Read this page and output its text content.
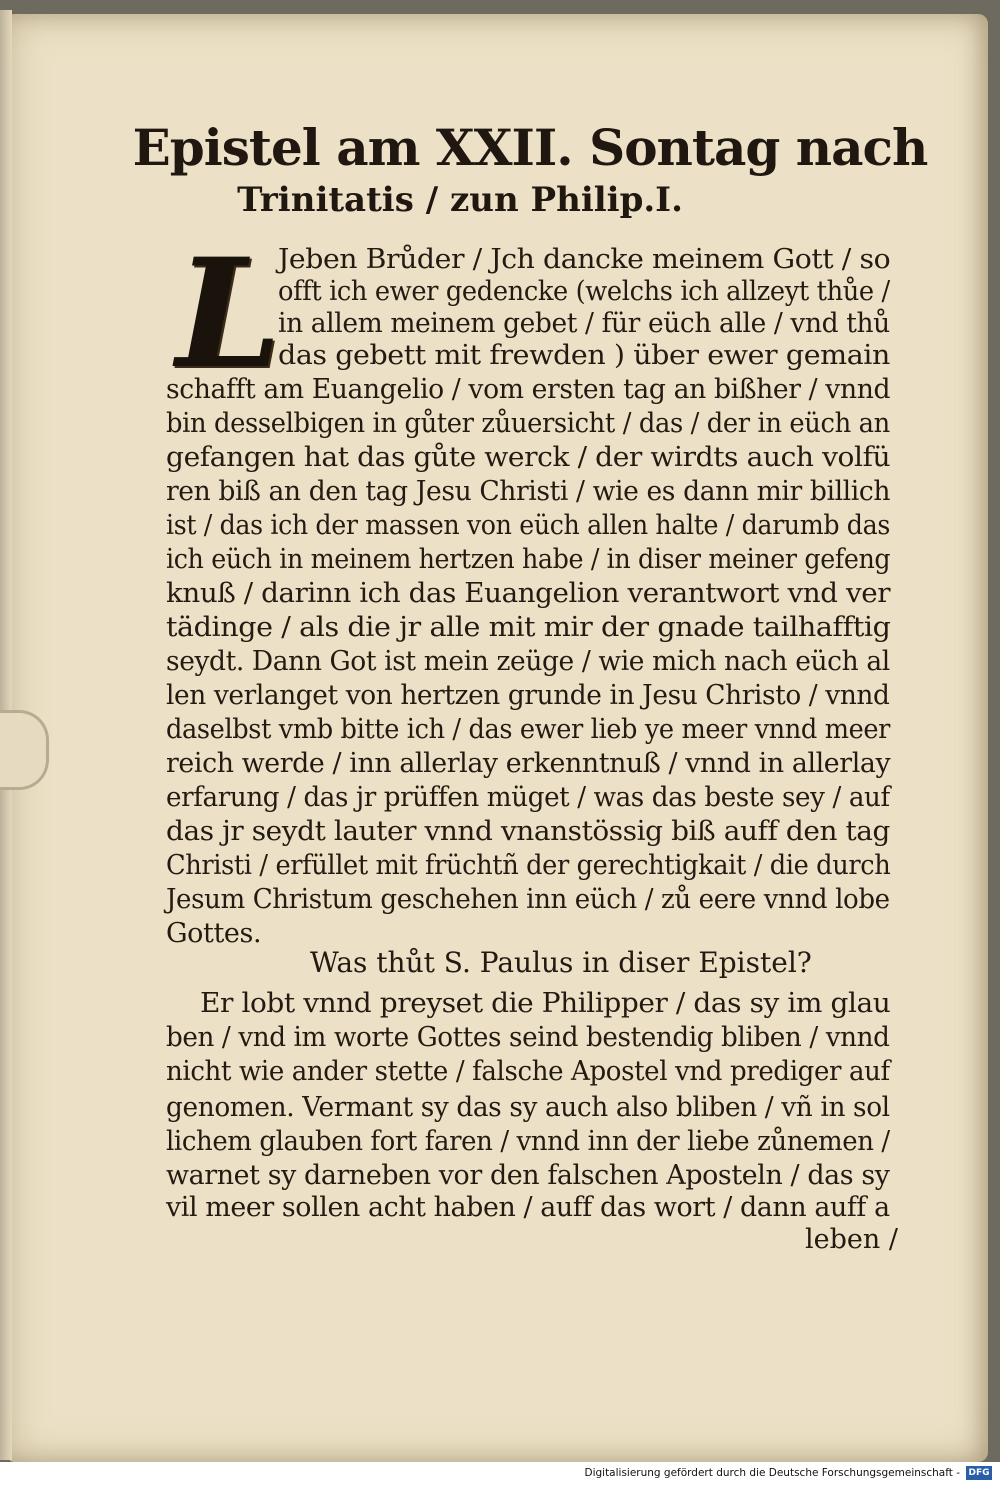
Epistel am XXII. Sontag nach
Trinitatis / zun Philip.I.
L
Jeben Brůder / Jch dancke meinem Gott / so
offt ich ewer gedencke (welchs ich allzeyt thůe /
in allem meinem gebet / für eüch alle / vnd thů
das gebett mit frewden ) über ewer gemain
schafft am Euangelio / vom ersten tag an bißher / vnnd
bin desselbigen in gůter zůuersicht / das / der in eüch an
gefangen hat das gůte werck / der wirdts auch volfü
ren biß an den tag Jesu Christi / wie es dann mir billich
ist / das ich der massen von eüch allen halte / darumb das
ich eüch in meinem hertzen habe / in diser meiner gefeng
knuß / darinn ich das Euangelion verantwort vnd ver
tädinge / als die jr alle mit mir der gnade tailhafftig
seydt. Dann Got ist mein zeüge / wie mich nach eüch al
len verlanget von hertzen grunde in Jesu Christo / vnnd
daselbst vmb bitte ich / das ewer lieb ye meer vnnd meer
reich werde / inn allerlay erkenntnuß / vnnd in allerlay
erfarung / das jr prüffen müget / was das beste sey / auf
das jr seydt lauter vnnd vnanstössig biß auff den tag
Christi / erfüllet mit früchtñ der gerechtigkait / die durch
Jesum Christum geschehen inn eüch / zů eere vnnd lobe
Gottes.
Was thůt S. Paulus in diser Epistel?
Er lobt vnnd preyset die Philipper / das sy im glau
ben / vnd im worte Gottes seind bestendig bliben / vnnd
nicht wie ander stette / falsche Apostel vnd prediger auf
genomen. Vermant sy das sy auch also bliben / vñ in sol
lichem glauben fort faren / vnnd inn der liebe zůnemen /
warnet sy darneben vor den falschen Aposteln / das sy
vil meer sollen acht haben / auff das wort / dann auff a
leben /
Digitalisierung gefördert durch die Deutsche Forschungsgemeinschaft - DFG
